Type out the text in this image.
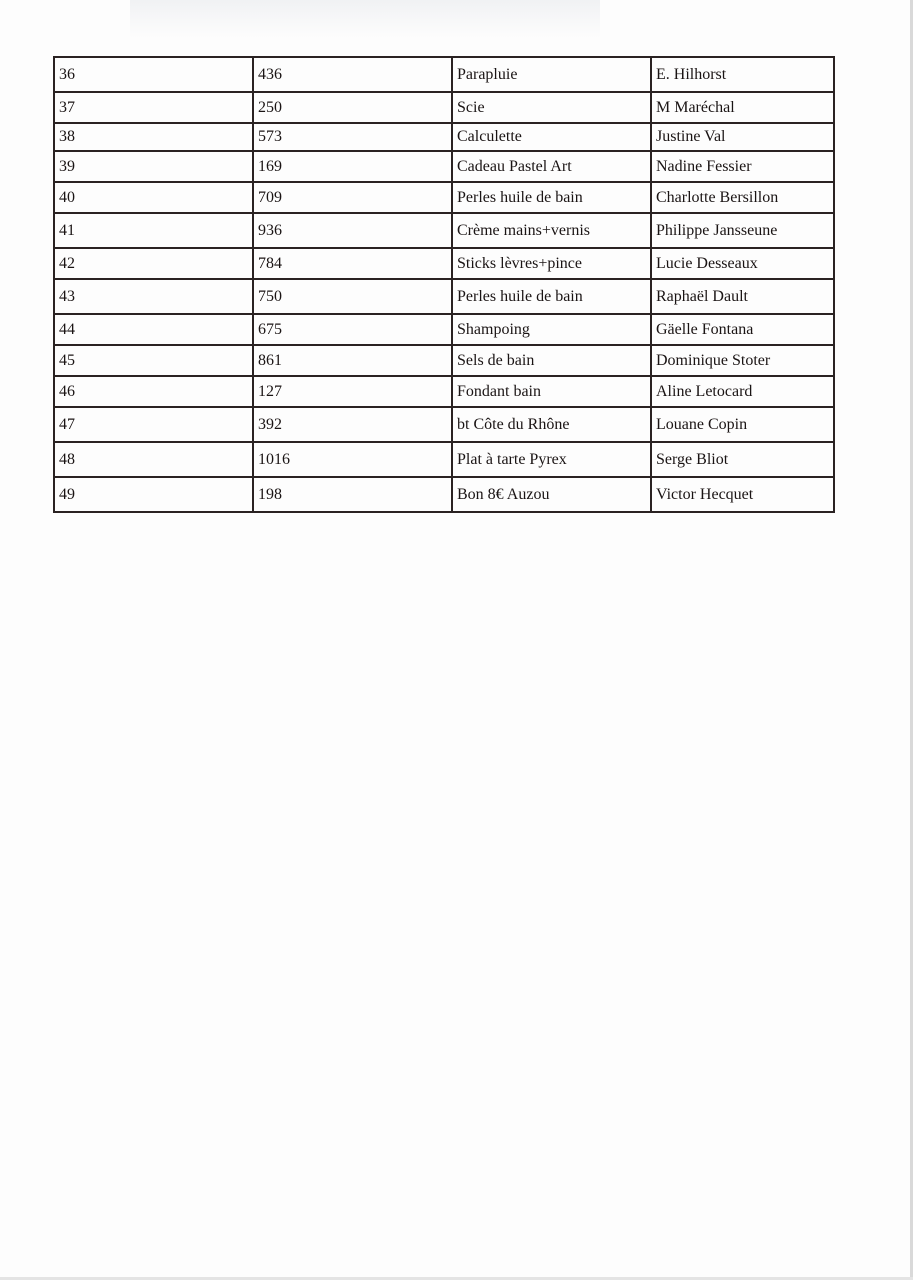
36	436	Parapluie	E. Hilhorst
37	250	Scie	M Maréchal
38	573	Calculette	Justine Val
39	169	Cadeau Pastel Art	Nadine Fessier
40	709	Perles huile de bain	Charlotte Bersillon
41	936	Crème mains+vernis	Philippe Jansseune
42	784	Sticks lèvres+pince	Lucie Desseaux
43	750	Perles huile de bain	Raphaël Dault
44	675	Shampoing	Gäelle Fontana
45	861	Sels de bain	Dominique Stoter
46	127	Fondant bain	Aline Letocard
47	392	bt Côte du Rhône	Louane Copin
48	1016	Plat à tarte Pyrex	Serge Bliot
49	198	Bon 8€ Auzou	Victor Hecquet
